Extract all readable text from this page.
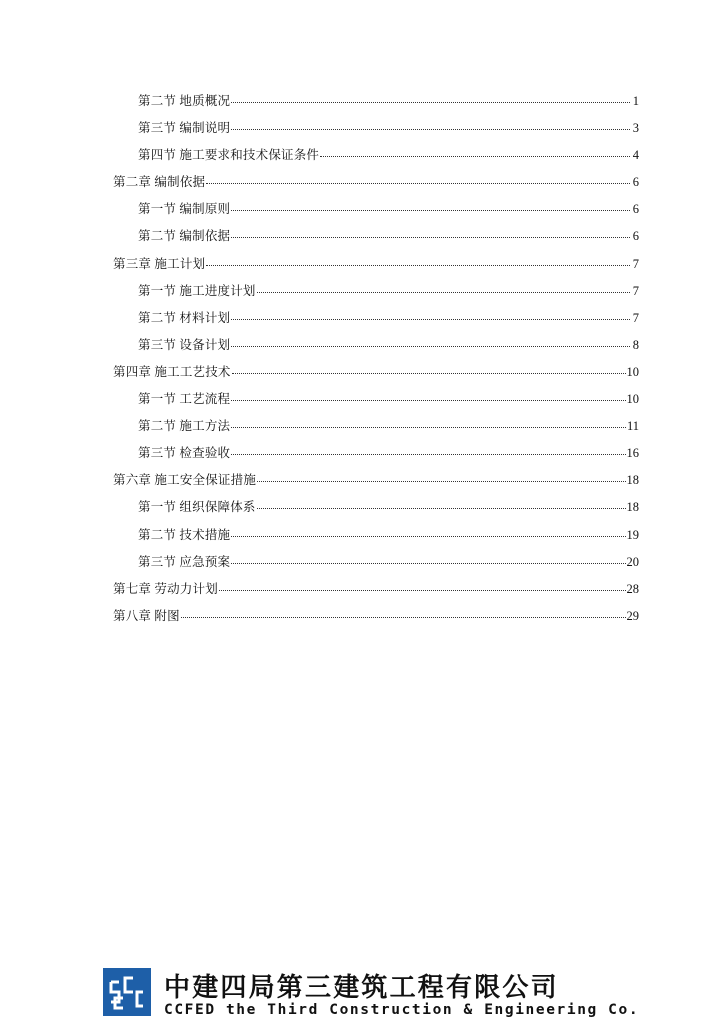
第二节 地质概况	1
第三节 编制说明	3
第四节 施工要求和技术保证条件	4
第二章 编制依据	6
第一节 编制原则	6
第二节 编制依据	6
第三章 施工计划	7
第一节 施工进度计划	7
第二节 材料计划	7
第三节 设备计划	8
第四章 施工工艺技术	10
第一节 工艺流程	10
第二节 施工方法	11
第三节 检查验收	16
第六章 施工安全保证措施	18
第一节 组织保障体系	18
第二节 技术措施	19
第三节 应急预案	20
第七章 劳动力计划	28
第八章 附图	29
中建四局第三建筑工程有限公司
CCFED the Third Construction & Engineering Co.
